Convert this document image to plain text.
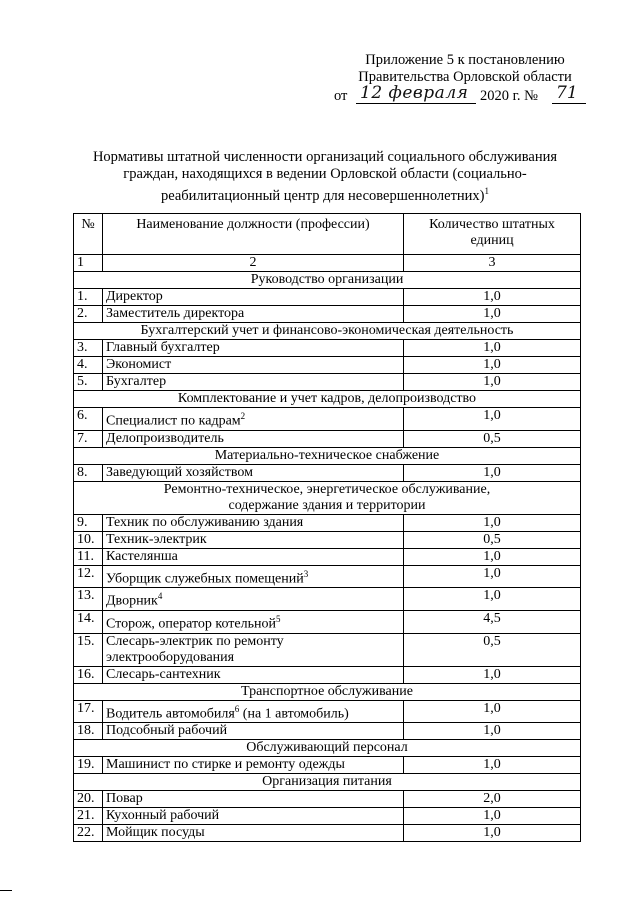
Приложение 5 к постановлению
Правительства Орловской области
от 12 февраля 2020 г. № 71
Нормативы штатной численности организаций социального обслуживания граждан, находящихся в ведении Орловской области (социально-реабилитационный центр для несовершеннолетних)$^1$
№	Наименование должности (профессии)	Количество штатных единиц
1	2	3
Руководство организации		
1.	Директор	1,0
2.	Заместитель директора	1,0
Бухгалтерский учет и финансово-экономическая деятельность		
3.	Главный бухгалтер	1,0
4.	Экономист	1,0
5.	Бухгалтер	1,0
Комплектование и учет кадров, делопроизводство		
6.	Специалист по кадрам$^2$	1,0
7.	Делопроизводитель	0,5
Материально-техническое снабжение		
8.	Заведующий хозяйством	1,0
Ремонтно-техническое, энергетическое обслуживание, содержание здания и территории		
9.	Техник по обслуживанию здания	1,0
10.	Техник-электрик	0,5
11.	Кастелянша	1,0
12.	Уборщик служебных помещений$^3$	1,0
13.	Дворник$^4$	1,0
14.	Сторож, оператор котельной$^5$	4,5
15.	Слесарь-электрик по ремонту электрооборудования	0,5
16.	Слесарь-сантехник	1,0
Транспортное обслуживание		
17.	Водитель автомобиля$^6$ (на 1 автомобиль)	1,0
18.	Подсобный рабочий	1,0
Обслуживающий персонал		
19.	Машинист по стирке и ремонту одежды	1,0
Организация питания		
20.	Повар	2,0
21.	Кухонный рабочий	1,0
22.	Мойщик посуды	1,0
